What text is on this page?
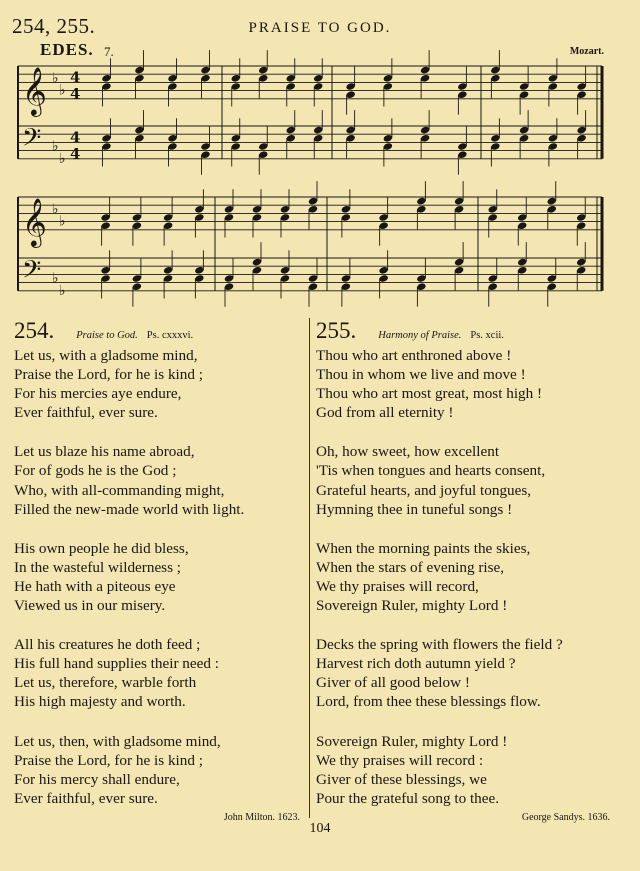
254, 255.	PRAISE TO GOD.
EDES. 7.	Mozart.
𝄞 ♭
♭
4
4
𝄢 ♭
♭
4
4
𝄞 ♭
♭
𝄢 ♭
♭
254. Praise to God. Ps. cxxxvi.
Let us, with a gladsome mind,
Praise the Lord, for he is kind ;
For his mercies aye endure,
Ever faithful, ever sure.
Let us blaze his name abroad,
For of gods he is the God ;
Who, with all-commanding might,
Filled the new-made world with light.
His own people he did bless,
In the wasteful wilderness ;
He hath with a piteous eye
Viewed us in our misery.
All his creatures he doth feed ;
His full hand supplies their need :
Let us, therefore, warble forth
His high majesty and worth.
Let us, then, with gladsome mind,
Praise the Lord, for he is kind ;
For his mercy shall endure,
Ever faithful, ever sure.
John Milton. 1623.
255. Harmony of Praise. Ps. xcii.
Thou who art enthroned above !
Thou in whom we live and move !
Thou who art most great, most high !
God from all eternity !
Oh, how sweet, how excellent
'Tis when tongues and hearts consent,
Grateful hearts, and joyful tongues,
Hymning thee in tuneful songs !
When the morning paints the skies,
When the stars of evening rise,
We thy praises will record,
Sovereign Ruler, mighty Lord !
Decks the spring with flowers the field ?
Harvest rich doth autumn yield ?
Giver of all good below !
Lord, from thee these blessings flow.
Sovereign Ruler, mighty Lord !
We thy praises will record :
Giver of these blessings, we
Pour the grateful song to thee.
George Sandys. 1636.
104
